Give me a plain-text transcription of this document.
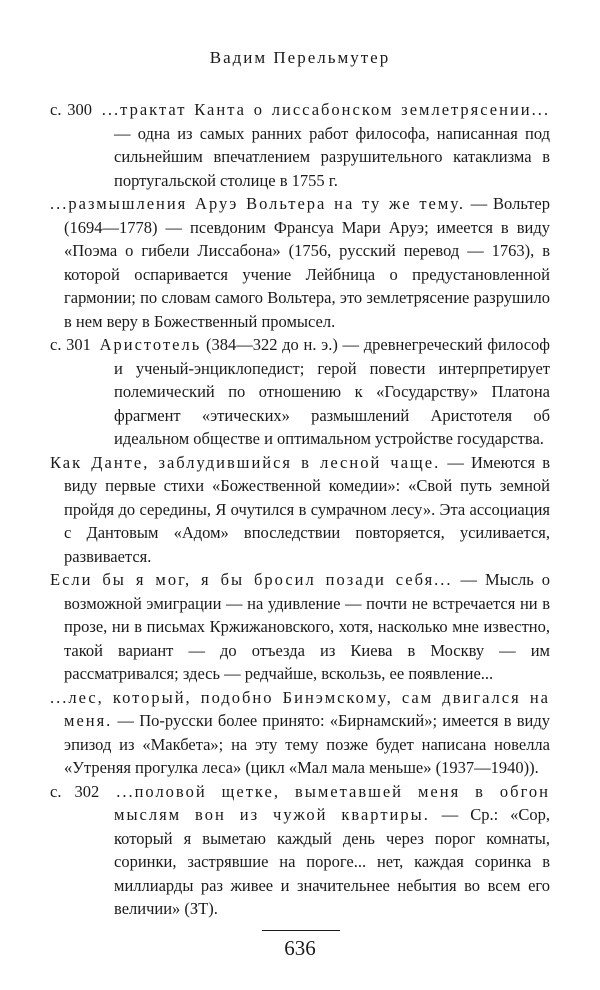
Вадим Перельмутер
с. 300 ...трактат Канта о лиссабонском землетрясении... — одна из самых ранних работ философа, написанная под сильнейшим впечатлением разрушительного катаклизма в португальской столице в 1755 г.
...размышления Аруэ Вольтера на ту же тему. — Вольтер (1694—1778) — псевдоним Франсуа Мари Аруэ; имеется в виду «Поэма о гибели Лиссабона» (1756, русский перевод — 1763), в которой оспаривается учение Лейбница о предустановленной гармонии; по словам самого Вольтера, это землетрясение разрушило в нем веру в Божественный промысел.
с. 301 Аристотель (384—322 до н. э.) — древнегреческий философ и ученый-энциклопедист; герой повести интерпретирует полемический по отношению к «Государству» Платона фрагмент «этических» размышлений Аристотеля об идеальном обществе и оптимальном устройстве государства.
Как Данте, заблудившийся в лесной чаще. — Имеются в виду первые стихи «Божественной комедии»: «Свой путь земной пройдя до середины, Я очутился в сумрачном лесу». Эта ассоциация с Дантовым «Адом» впоследствии повторяется, усиливается, развивается.
Если бы я мог, я бы бросил позади себя... — Мысль о возможной эмиграции — на удивление — почти не встречается ни в прозе, ни в письмах Кржижановского, хотя, насколько мне известно, такой вариант — до отъезда из Киева в Москву — им рассматривался; здесь — редчайше, вскользь, ее появление...
...лес, который, подобно Бинэмскому, сам двигался на меня. — По-русски более принято: «Бирнамский»; имеется в виду эпизод из «Макбета»; на эту тему позже будет написана новелла «Утреняя прогулка леса» (цикл «Мал мала меньше» (1937—1940)).
с. 302 ...половой щетке, выметавшей меня в обгон мыслям вон из чужой квартиры. — Ср.: «Сор, который я выметаю каждый день через порог комнаты, соринки, застрявшие на пороге... нет, каждая соринка в миллиарды раз живее и значительнее небытия во всем его величии» (ЗТ).
636
